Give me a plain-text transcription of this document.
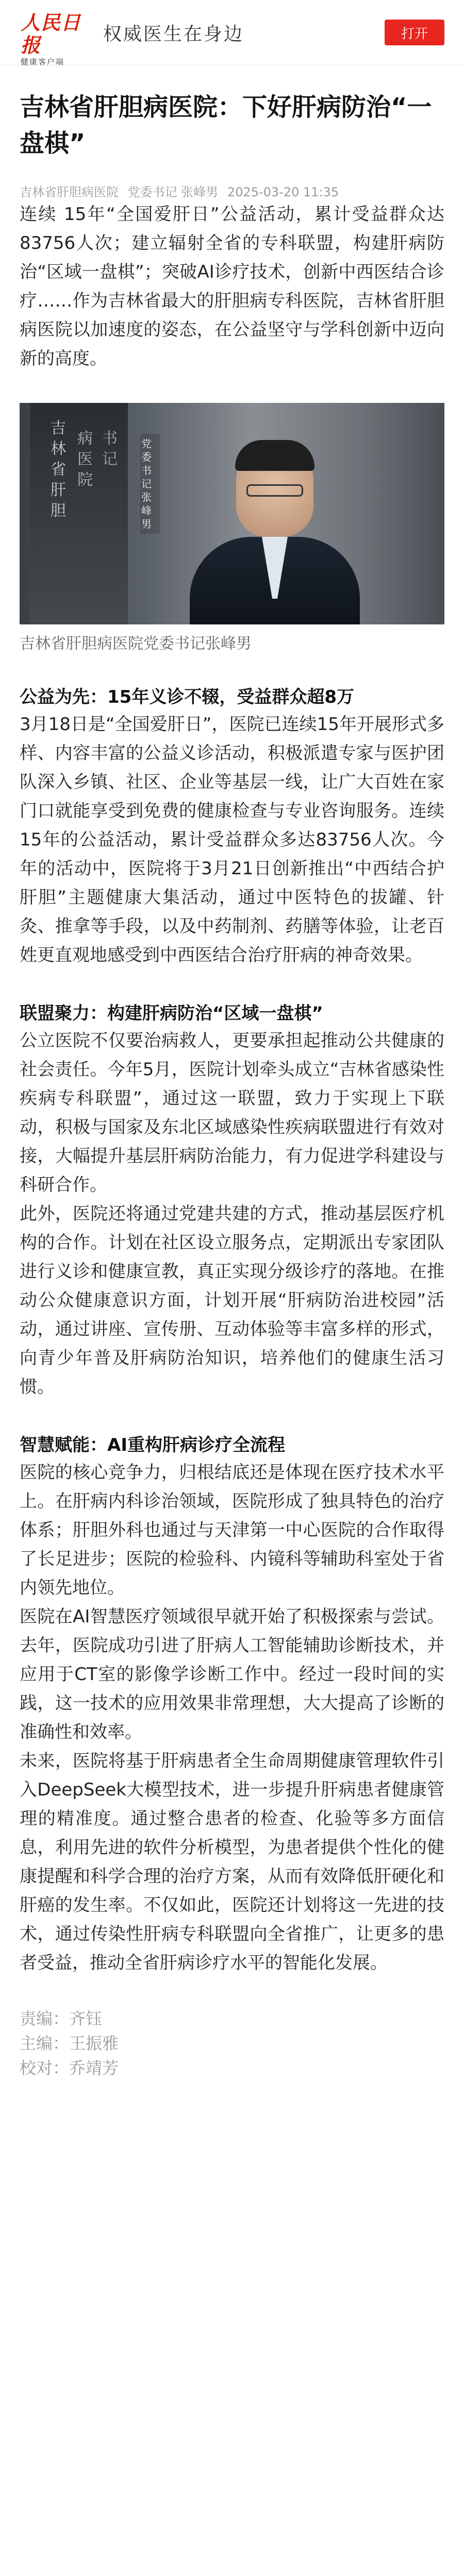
人民日报
健康客户端
权威医生在身边	打开
吉林省肝胆病医院：下好肝病防治“一盘棋”
吉林省肝胆病医院 党委书记 张峰男 2025-03-20 11:35

连续 15年“全国爱肝日”公益活动，累计受益群众达83756人次；建立辐射全省的专科联盟，构建肝病防治“区域一盘棋”；突破AI诊疗技术，创新中西医结合诊疗……作为吉林省最大的肝胆病专科医院，吉林省肝胆病医院以加速度的姿态，在公益坚守与学科创新中迈向新的高度。

吉林省肝胆
病医院
书记
党委书记 张峰男
吉林省肝胆病医院党委书记张峰男
公益为先：15年义诊不辍，受益群众超8万

3月18日是“全国爱肝日”，医院已连续15年开展形式多样、内容丰富的公益义诊活动，积极派遣专家与医护团队深入乡镇、社区、企业等基层一线，让广大百姓在家门口就能享受到免费的健康检查与专业咨询服务。连续 15年的公益活动，累计受益群众多达83756人次。今年的活动中，医院将于3月21日创新推出“中西结合护肝胆”主题健康大集活动，通过中医特色的拔罐、针灸、推拿等手段，以及中药制剂、药膳等体验，让老百姓更直观地感受到中西医结合治疗肝病的神奇效果。

联盟聚力：构建肝病防治“区域一盘棋”

公立医院不仅要治病救人，更要承担起推动公共健康的社会责任。今年5月，医院计划牵头成立“吉林省感染性疾病专科联盟”，通过这一联盟，致力于实现上下联动，积极与国家及东北区域感染性疾病联盟进行有效对接，大幅提升基层肝病防治能力，有力促进学科建设与科研合作。

此外，医院还将通过党建共建的方式，推动基层医疗机构的合作。计划在社区设立服务点，定期派出专家团队进行义诊和健康宣教，真正实现分级诊疗的落地。在推动公众健康意识方面，计划开展“肝病防治进校园”活动，通过讲座、宣传册、互动体验等丰富多样的形式，向青少年普及肝病防治知识，培养他们的健康生活习惯。

智慧赋能：AI重构肝病诊疗全流程

医院的核心竞争力，归根结底还是体现在医疗技术水平上。在肝病内科诊治领域，医院形成了独具特色的治疗体系；肝胆外科也通过与天津第一中心医院的合作取得了长足进步；医院的检验科、内镜科等辅助科室处于省内领先地位。

医院在AI智慧医疗领域很早就开始了积极探索与尝试。去年，医院成功引进了肝病人工智能辅助诊断技术，并应用于CT室的影像学诊断工作中。经过一段时间的实践，这一技术的应用效果非常理想，大大提高了诊断的准确性和效率。

未来，医院将基于肝病患者全生命周期健康管理软件引入DeepSeek大模型技术，进一步提升肝病患者健康管理的精准度。通过整合患者的检查、化验等多方面信息，利用先进的软件分析模型，为患者提供个性化的健康提醒和科学合理的治疗方案，从而有效降低肝硬化和肝癌的发生率。不仅如此，医院还计划将这一先进的技术，通过传染性肝病专科联盟向全省推广，让更多的患者受益，推动全省肝病诊疗水平的智能化发展。

责编：齐钰
主编：王振雅
校对：乔靖芳
